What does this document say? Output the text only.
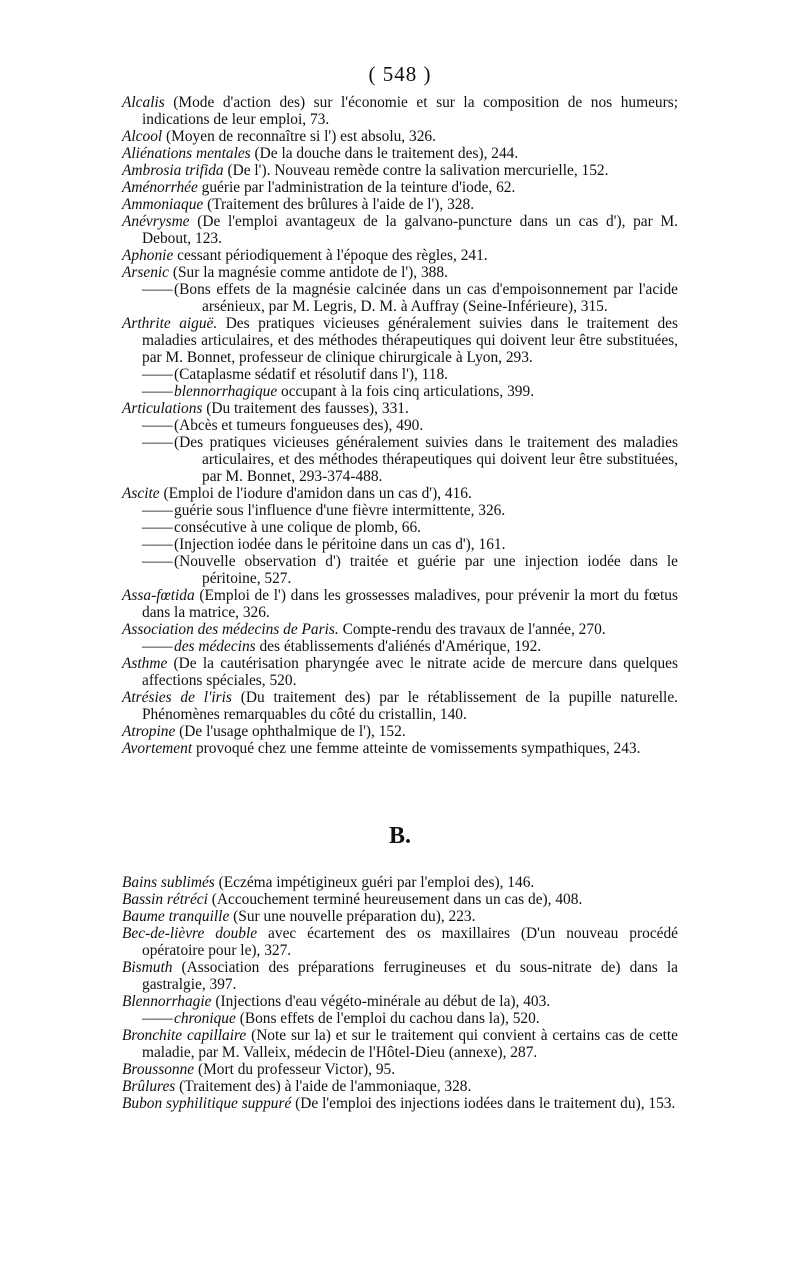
( 548 )
Alcalis (Mode d'action des) sur l'économie et sur la composition de nos humeurs; indications de leur emploi, 73.
Alcool (Moyen de reconnaître si l') est absolu, 326.
Aliénations mentales (De la douche dans le traitement des), 244.
Ambrosia trifida (De l'). Nouveau remède contre la salivation mercurielle, 152.
Aménorrhée guérie par l'administration de la teinture d'iode, 62.
Ammoniaque (Traitement des brûlures à l'aide de l'), 328.
Anévrysme (De l'emploi avantageux de la galvano-puncture dans un cas d'), par M. Debout, 123.
Aphonie cessant périodiquement à l'époque des règles, 241.
Arsenic (Sur la magnésie comme antidote de l'), 388.
——(Bons effets de la magnésie calcinée dans un cas d'empoisonnement par l'acide arsénieux, par M. Legris, D. M. à Auffray (Seine-Inférieure), 315.
Arthrite aiguë. Des pratiques vicieuses généralement suivies dans le traitement des maladies articulaires, et des méthodes thérapeutiques qui doivent leur être substituées, par M. Bonnet, professeur de clinique chirurgicale à Lyon, 293.
——(Cataplasme sédatif et résolutif dans l'), 118.
——blennorrhagique occupant à la fois cinq articulations, 399.
Articulations (Du traitement des fausses), 331.
——(Abcès et tumeurs fongueuses des), 490.
——(Des pratiques vicieuses généralement suivies dans le traitement des maladies articulaires, et des méthodes thérapeutiques qui doivent leur être substituées, par M. Bonnet, 293-374-488.
Ascite (Emploi de l'iodure d'amidon dans un cas d'), 416.
——guérie sous l'influence d'une fièvre intermittente, 326.
——consécutive à une colique de plomb, 66.
——(Injection iodée dans le péritoine dans un cas d'), 161.
——(Nouvelle observation d') traitée et guérie par une injection iodée dans le péritoine, 527.
Assa-fœtida (Emploi de l') dans les grossesses maladives, pour prévenir la mort du fœtus dans la matrice, 326.
Association des médecins de Paris. Compte-rendu des travaux de l'année, 270.
——des médecins des établissements d'aliénés d'Amérique, 192.
Asthme (De la cautérisation pharyngée avec le nitrate acide de mercure dans quelques affections spéciales, 520.
Atrésies de l'iris (Du traitement des) par le rétablissement de la pupille naturelle. Phénomènes remarquables du côté du cristallin, 140.
Atropine (De l'usage ophthalmique de l'), 152.
Avortement provoqué chez une femme atteinte de vomissements sympathiques, 243.
B.
Bains sublimés (Eczéma impétigineux guéri par l'emploi des), 146.
Bassin rétréci (Accouchement terminé heureusement dans un cas de), 408.
Baume tranquille (Sur une nouvelle préparation du), 223.
Bec-de-lièvre double avec écartement des os maxillaires (D'un nouveau procédé opératoire pour le), 327.
Bismuth (Association des préparations ferrugineuses et du sous-nitrate de) dans la gastralgie, 397.
Blennorrhagie (Injections d'eau végéto-minérale au début de la), 403.
——chronique (Bons effets de l'emploi du cachou dans la), 520.
Bronchite capillaire (Note sur la) et sur le traitement qui convient à certains cas de cette maladie, par M. Valleix, médecin de l'Hôtel-Dieu (annexe), 287.
Broussonne (Mort du professeur Victor), 95.
Brûlures (Traitement des) à l'aide de l'ammoniaque, 328.
Bubon syphilitique suppuré (De l'emploi des injections iodées dans le traitement du), 153.
